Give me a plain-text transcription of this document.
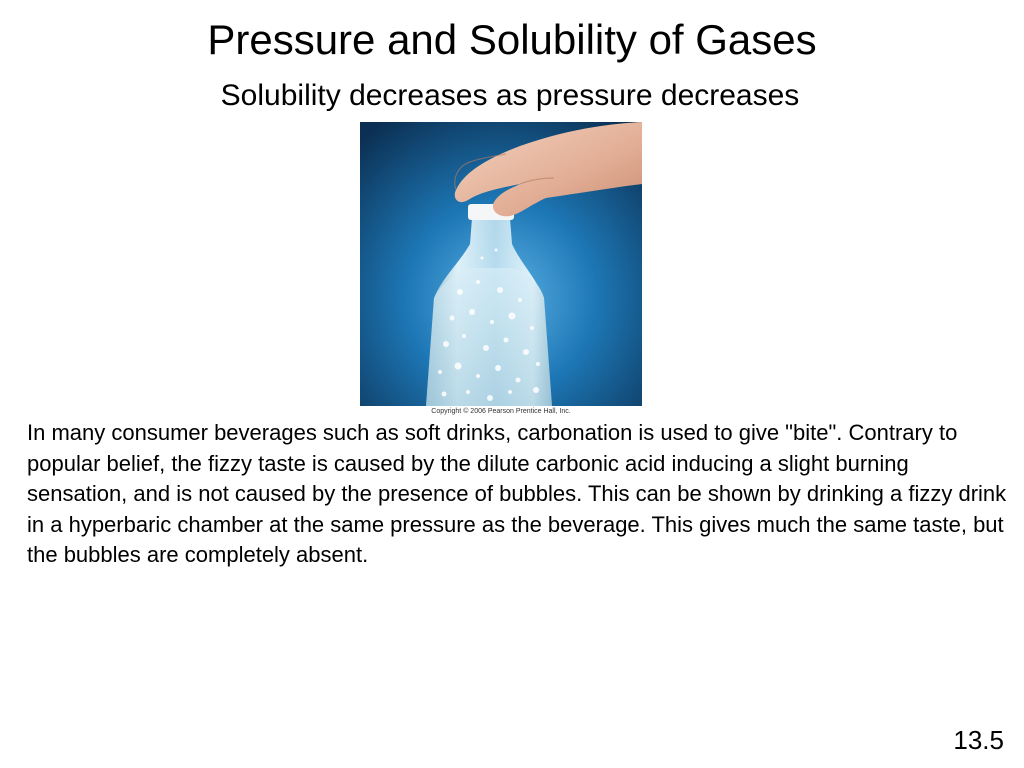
Pressure and Solubility of Gases
Solubility decreases as pressure decreases
Copyright © 2006 Pearson Prentice Hall, Inc.

In many consumer beverages such as soft drinks, carbonation is used to give "bite". Contrary to popular belief, the fizzy taste is caused by the dilute carbonic acid inducing a slight burning sensation, and is not caused by the presence of bubbles. This can be shown by drinking a fizzy drink in a hyperbaric chamber at the same pressure as the beverage. This gives much the same taste, but the bubbles are completely absent.

13.5
